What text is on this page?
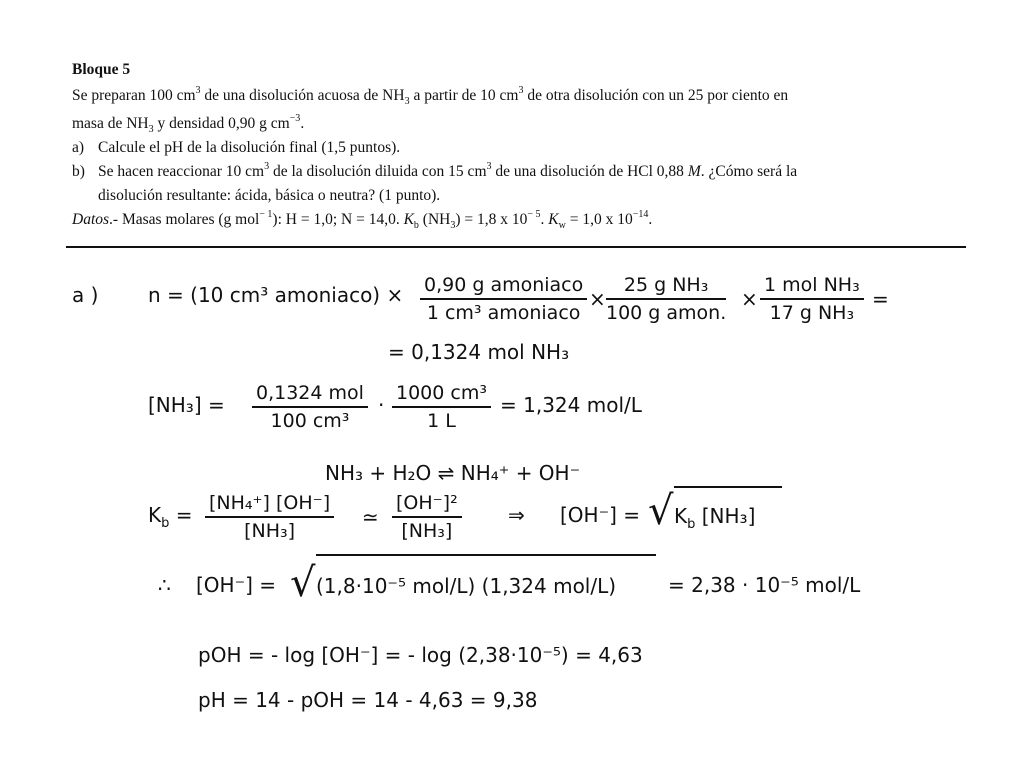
Bloque 5
Se preparan 100 $cm^3$ de una disolución acuosa de $NH_3$ a partir de 10 $cm^3$ de otra disolución con un 25 por ciento en
masa de $NH_3$ y densidad 0,90 g $cm^{-3}$.
a) Calcule el pH de la disolución final (1,5 puntos).
b) Se hacen reaccionar 10 $cm^3$ de la disolución diluida con 15 $cm^3$ de una disolución de HCl 0,88 M. ¿Cómo será la
disolución resultante: ácida, básica o neutra? (1 punto).
Datos.- Masas molares (g mol$^{- 1}$): H = 1,0; N = 14,0. $K_b$ $(NH_3) = 1,8$ x $10^{- 5}$. $K_w = 1,0$ x $10^{-14}$.
a ) n = (10 cm³ amoniaco) × 0,90 g amoniaco
1 cm³ amoniaco
×
25 g NH₃
100 g amon.
×
1 mol NH₃
17 g NH₃
=
= 0,1324 mol NH₃
[NH₃] = 0,1324 mol
100 cm³
· $\frac{\text{1000 cm³}}{1 L} = 1,324$ mol/L
NH₃ + H₂O ⇌ NH₄⁺ + OH⁻
$K_b = \frac{\text{[NH₄⁺] [OH⁻]}}{\text{[NH₃]}}$ ≃ $\frac{\text{[OH⁻]²}}{\text{[NH₃]}}$ ⇒ [OH⁻] = √ $K_b$ [NH₃]
∴ [OH⁻] = √ (1,8·10⁻⁵ mol/L) (1,324 mol/L)	= 2,38 · 10⁻⁵ mol/L
pOH = - log [OH⁻] = - log (2,38·10⁻⁵) = 4,63
pH = 14 - pOH = 14 - 4,63 = 9,38
